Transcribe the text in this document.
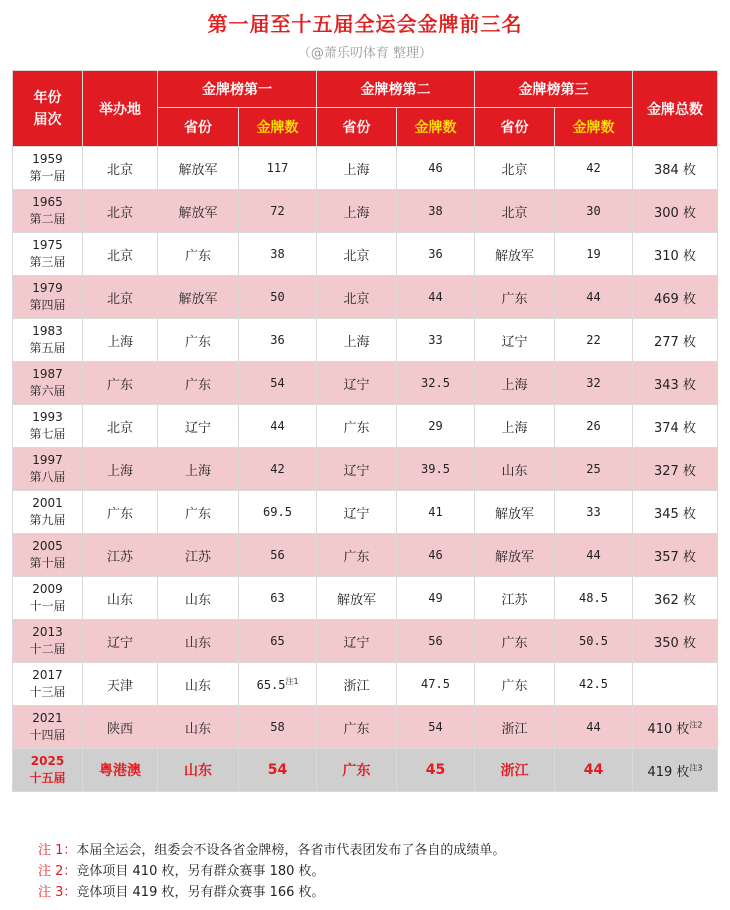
第一届至十五届全运会金牌前三名
（@萧乐叨体育 整理）
年份
届次	举办地	金牌榜第一		金牌榜第二		金牌榜第三		金牌总数
		省份	金牌数	省份	金牌数	省份	金牌数	
1959
第一届	北京	解放军	117	上海	46	北京	42	384 枚
1965
第二届	北京	解放军	72	上海	38	北京	30	300 枚
1975
第三届	北京	广东	38	北京	36	解放军	19	310 枚
1979
第四届	北京	解放军	50	北京	44	广东	44	469 枚
1983
第五届	上海	广东	36	上海	33	辽宁	22	277 枚
1987
第六届	广东	广东	54	辽宁	32.5	上海	32	343 枚
1993
第七届	北京	辽宁	44	广东	29	上海	26	374 枚
1997
第八届	上海	上海	42	辽宁	39.5	山东	25	327 枚
2001
第九届	广东	广东	69.5	辽宁	41	解放军	33	345 枚
2005
第十届	江苏	江苏	56	广东	46	解放军	44	357 枚
2009
十一届	山东	山东	63	解放军	49	江苏	48.5	362 枚
2013
十二届	辽宁	山东	65	辽宁	56	广东	50.5	350 枚
2017
十三届	天津	山东	65.5$^{注1}$	浙江	47.5	广东	42.5	
2021
十四届	陕西	山东	58	广东	54	浙江	44	410 枚$^{注2}$
2025
十五届	粤港澳	山东	54	广东	45	浙江	44	419 枚$^{注3}$
注 1：本届全运会，组委会不设各省金牌榜，各省市代表团发布了各自的成绩单。
注 2：竞体项目 410 枚，另有群众赛事 180 枚。
注 3：竞体项目 419 枚，另有群众赛事 166 枚。
